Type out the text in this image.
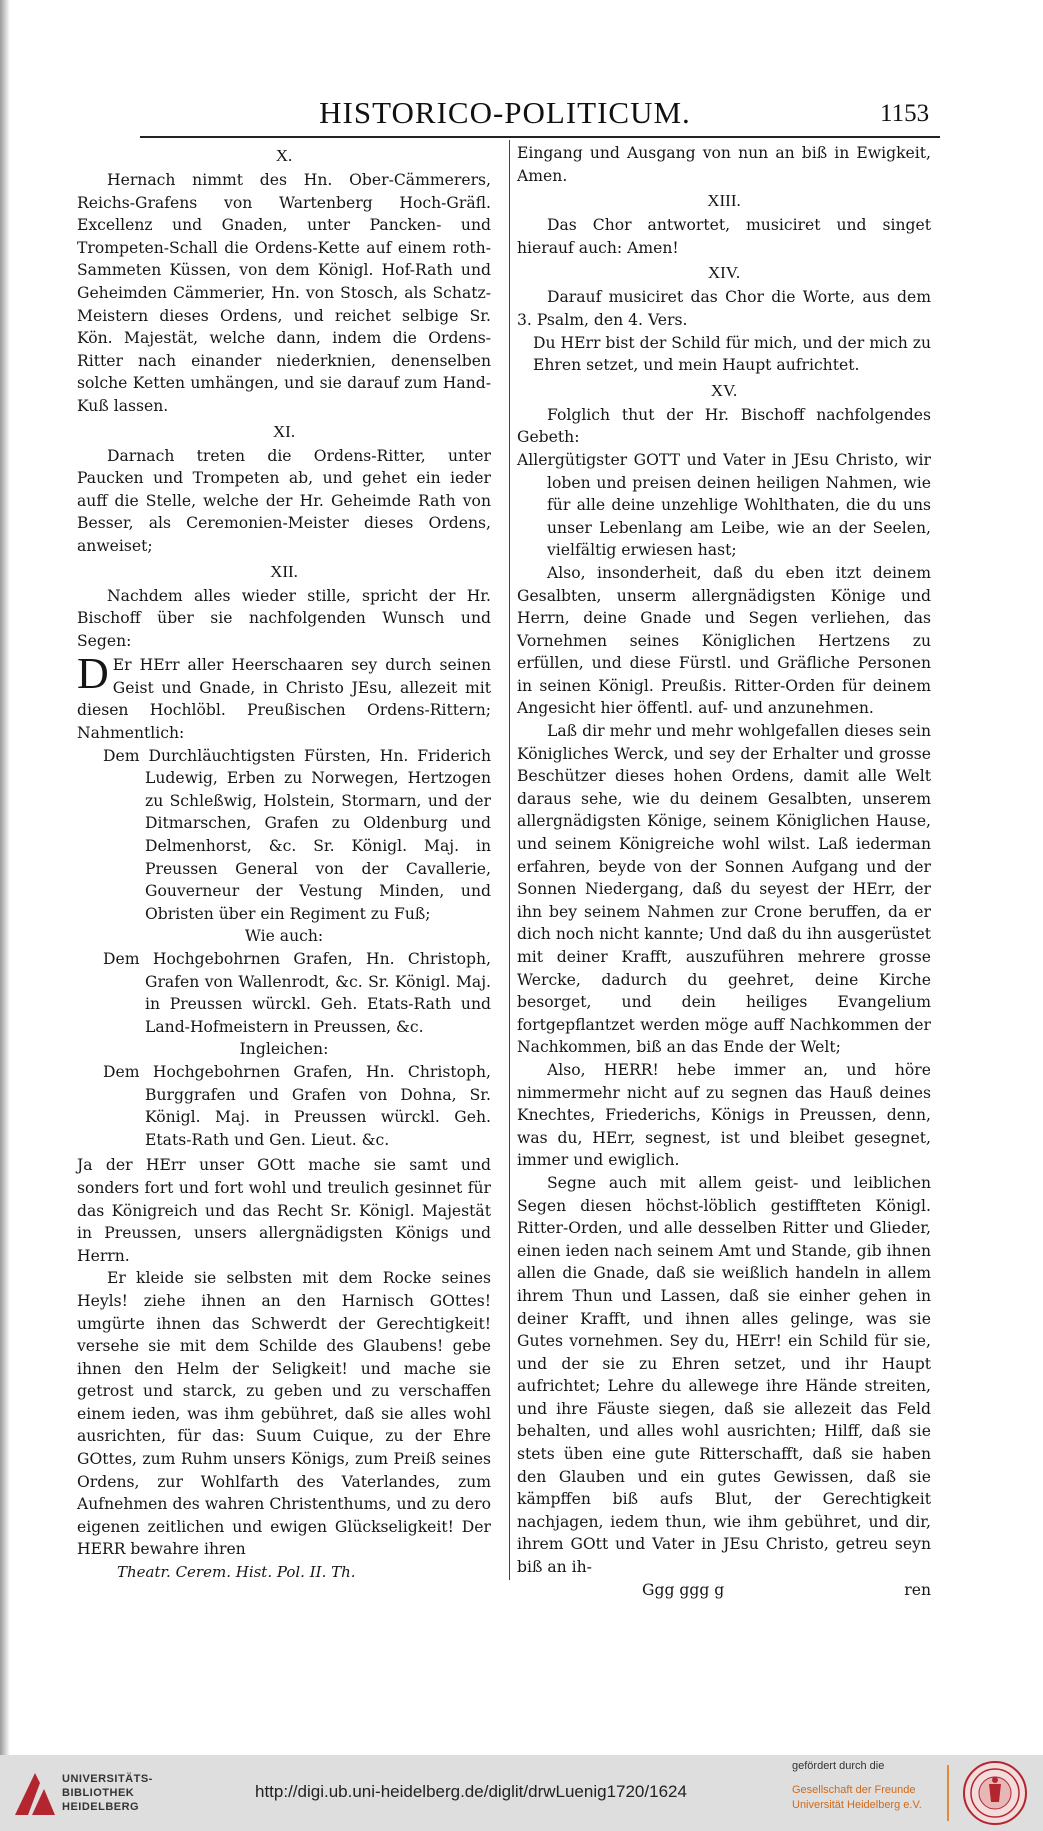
HISTORICO-POLITICUM.	1153
X.

Hernach nimmt des Hn. Ober-Cämmerers, Reichs-Grafens von Wartenberg Hoch-Gräfl. Excellenz und Gnaden, unter Pancken- und Trompeten-Schall die Ordens-Kette auf einem roth-Sammeten Küssen, von dem Königl. Hof-Rath und Geheimden Cämmerier, Hn. von Stosch, als Schatz-Meistern dieses Ordens, und reichet selbige Sr. Kön. Majestät, welche dann, indem die Ordens-Ritter nach einander niederknien, denenselben solche Ketten umhängen, und sie darauf zum Hand-Kuß lassen.

XI.

Darnach treten die Ordens-Ritter, unter Paucken und Trompeten ab, und gehet ein ieder auff die Stelle, welche der Hr. Geheimde Rath von Besser, als Ceremonien-Meister dieses Ordens, anweiset;

XII.

Nachdem alles wieder stille, spricht der Hr. Bischoff über sie nachfolgenden Wunsch und Segen:

D Er HErr aller Heerschaaren sey durch seinen Geist und Gnade, in Christo JEsu, allezeit mit diesen Hochlöbl. Preußischen Ordens-Rittern; Nahmentlich:

Dem Durchläuchtigsten Fürsten, Hn. Friderich Ludewig, Erben zu Norwegen, Hertzogen zu Schleßwig, Holstein, Stormarn, und der Ditmarschen, Grafen zu Oldenburg und Delmenhorst, &c. Sr. Königl. Maj. in Preussen General von der Cavallerie, Gouverneur der Vestung Minden, und Obristen über ein Regiment zu Fuß;

Wie auch:

Dem Hochgebohrnen Grafen, Hn. Christoph, Grafen von Wallenrodt, &c. Sr. Königl. Maj. in Preussen würckl. Geh. Etats-Rath und Land-Hofmeistern in Preussen, &c.

Ingleichen:

Dem Hochgebohrnen Grafen, Hn. Christoph, Burggrafen und Grafen von Dohna, Sr. Königl. Maj. in Preussen würckl. Geh. Etats-Rath und Gen. Lieut. &c.

Ja der HErr unser GOtt mache sie samt und sonders fort und fort wohl und treulich gesinnet für das Königreich und das Recht Sr. Königl. Majestät in Preussen, unsers allergnädigsten Königs und Herrn.

Er kleide sie selbsten mit dem Rocke seines Heyls! ziehe ihnen an den Harnisch GOttes! umgürte ihnen das Schwerdt der Gerechtigkeit! versehe sie mit dem Schilde des Glaubens! gebe ihnen den Helm der Seligkeit! und mache sie getrost und starck, zu geben und zu verschaffen einem ieden, was ihm gebühret, daß sie alles wohl ausrichten, für das: Suum Cuique, zu der Ehre GOttes, zum Ruhm unsers Königs, zum Preiß seines Ordens, zur Wohlfarth des Vaterlandes, zum Aufnehmen des wahren Christenthums, und zu dero eigenen zeitlichen und ewigen Glückseligkeit! Der HERR bewahre ihren

Theatr. Cerem. Hist. Pol. II. Th.

Eingang und Ausgang von nun an biß in Ewigkeit, Amen.

XIII.

Das Chor antwortet, musiciret und singet hierauf auch: Amen!

XIV.

Darauf musiciret das Chor die Worte, aus dem 3. Psalm, den 4. Vers.

Du HErr bist der Schild für mich, und der mich zu Ehren setzet, und mein Haupt aufrichtet.

XV.

Folglich thut der Hr. Bischoff nachfolgendes Gebeth:

Allergütigster GOTT und Vater in JEsu Christo, wir loben und preisen deinen heiligen Nahmen, wie für alle deine unzehlige Wohlthaten, die du uns unser Lebenlang am Leibe, wie an der Seelen, vielfältig erwiesen hast;

Also, insonderheit, daß du eben itzt deinem Gesalbten, unserm allergnädigsten Könige und Herrn, deine Gnade und Segen verliehen, das Vornehmen seines Königlichen Hertzens zu erfüllen, und diese Fürstl. und Gräfliche Personen in seinen Königl. Preußis. Ritter-Orden für deinem Angesicht hier öffentl. auf- und anzunehmen.

Laß dir mehr und mehr wohlgefallen dieses sein Königliches Werck, und sey der Erhalter und grosse Beschützer dieses hohen Ordens, damit alle Welt daraus sehe, wie du deinem Gesalbten, unserem allergnädigsten Könige, seinem Königlichen Hause, und seinem Königreiche wohl wilst. Laß iederman erfahren, beyde von der Sonnen Aufgang und der Sonnen Niedergang, daß du seyest der HErr, der ihn bey seinem Nahmen zur Crone beruffen, da er dich noch nicht kannte; Und daß du ihn ausgerüstet mit deiner Krafft, auszuführen mehrere grosse Wercke, dadurch du geehret, deine Kirche besorget, und dein heiliges Evangelium fortgepflantzet werden möge auff Nachkommen der Nachkommen, biß an das Ende der Welt;

Also, HERR! hebe immer an, und höre nimmermehr nicht auf zu segnen das Hauß deines Knechtes, Friederichs, Königs in Preussen, denn, was du, HErr, segnest, ist und bleibet gesegnet, immer und ewiglich.

Segne auch mit allem geist- und leiblichen Segen diesen höchst-löblich gestiffteten Königl. Ritter-Orden, und alle desselben Ritter und Glieder, einen ieden nach seinem Amt und Stande, gib ihnen allen die Gnade, daß sie weißlich handeln in allem ihrem Thun und Lassen, daß sie einher gehen in deiner Krafft, und ihnen alles gelinge, was sie Gutes vornehmen. Sey du, HErr! ein Schild für sie, und der sie zu Ehren setzet, und ihr Haupt aufrichtet; Lehre du allewege ihre Hände streiten, und ihre Fäuste siegen, daß sie allezeit das Feld behalten, und alles wohl ausrichten; Hilff, daß sie stets üben eine gute Ritterschafft, daß sie haben den Glauben und ein gutes Gewissen, daß sie kämpffen biß aufs Blut, der Gerechtigkeit nachjagen, iedem thun, wie ihm gebühret, und dir, ihrem GOtt und Vater in JEsu Christo, getreu seyn biß an ih-

Ggg ggg g	ren
UNIVERSITÄTS-
BIBLIOTHEK
HEIDELBERG
http://digi.ub.uni-heidelberg.de/diglit/drwLuenig1720/1624
gefördert durch die
Gesellschaft der Freunde
Universität Heidelberg e.V.
